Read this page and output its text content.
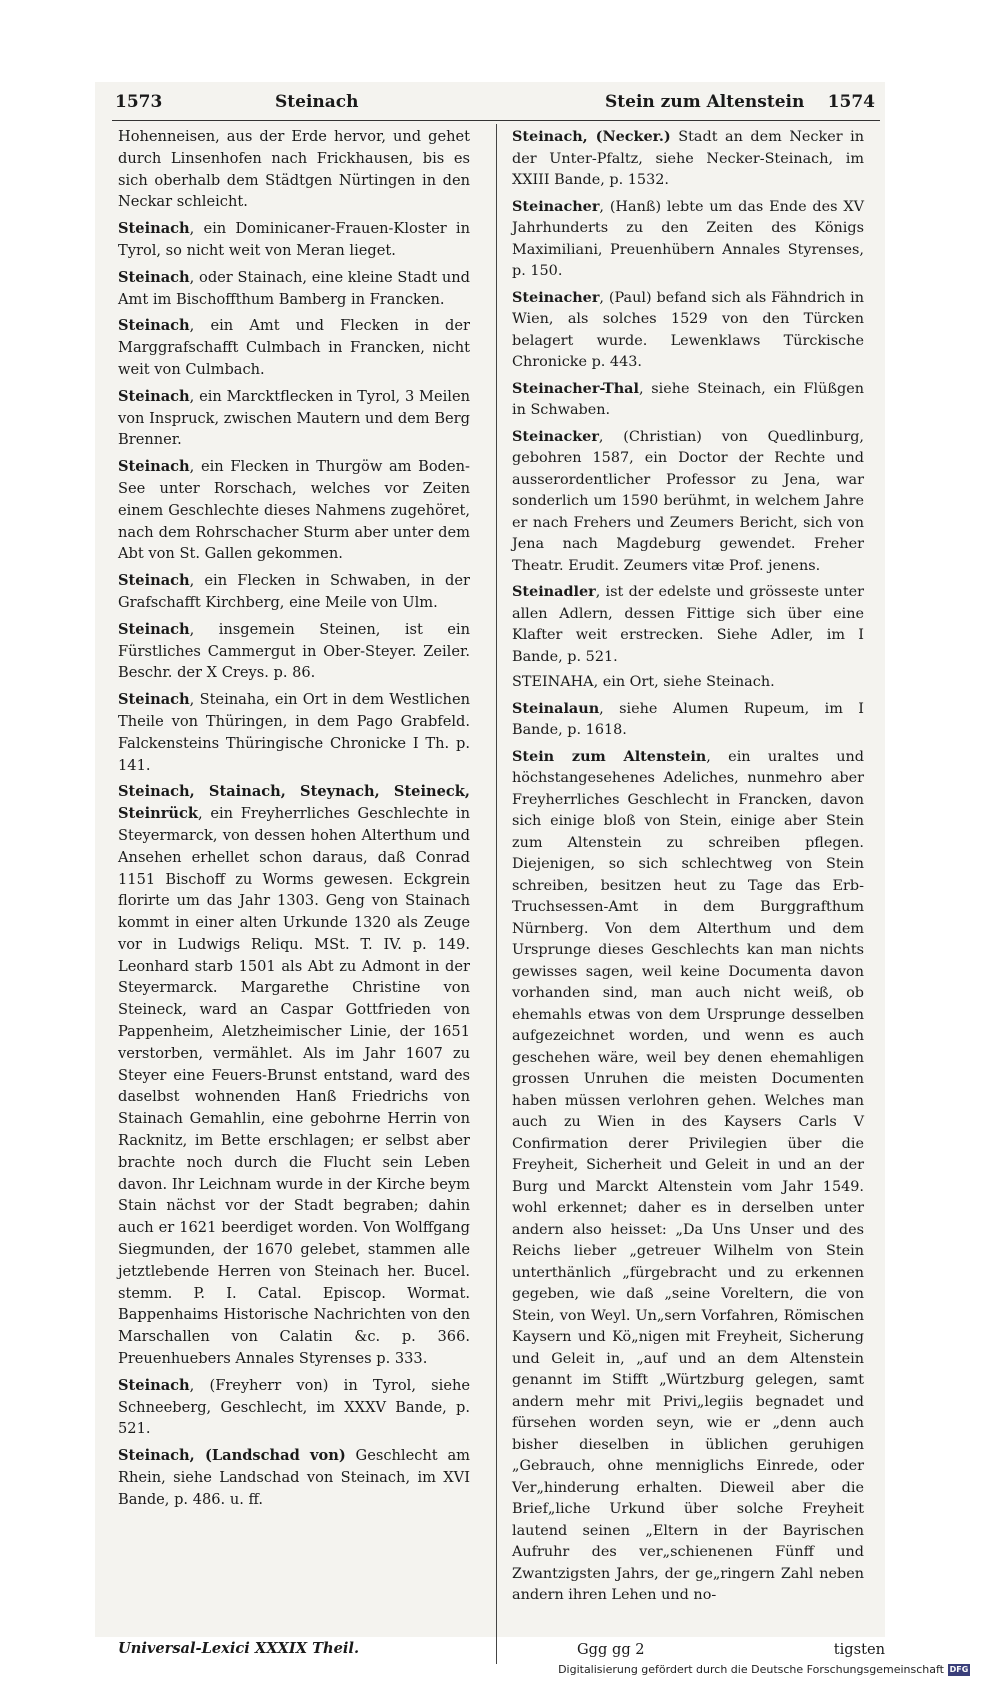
1573	Steinach	Stein zum Altenstein 1574

Hohenneisen, aus der Erde hervor, und gehet durch Linsenhofen nach Frickhausen, bis es sich oberhalb dem Städtgen Nürtingen in den Neckar schleicht.

Steinach, ein Dominicaner-Frauen-Kloster in Tyrol, so nicht weit von Meran lieget.

Steinach, oder Stainach, eine kleine Stadt und Amt im Bischoffthum Bamberg in Francken.

Steinach, ein Amt und Flecken in der Marggrafschafft Culmbach in Francken, nicht weit von Culmbach.

Steinach, ein Marcktflecken in Tyrol, 3 Meilen von Inspruck, zwischen Mautern und dem Berg Brenner.

Steinach, ein Flecken in Thurgöw am Boden-See unter Rorschach, welches vor Zeiten einem Geschlechte dieses Nahmens zugehöret, nach dem Rohrschacher Sturm aber unter dem Abt von St. Gallen gekommen.

Steinach, ein Flecken in Schwaben, in der Grafschafft Kirchberg, eine Meile von Ulm.

Steinach, insgemein Steinen, ist ein Fürstliches Cammergut in Ober-Steyer. Zeiler. Beschr. der X Creys. p. 86.

Steinach, Steinaha, ein Ort in dem Westlichen Theile von Thüringen, in dem Pago Grabfeld. Falckensteins Thüringische Chronicke I Th. p. 141.

Steinach, Stainach, Steynach, Steineck, Steinrück, ein Freyherrliches Geschlechte in Steyermarck, von dessen hohen Alterthum und Ansehen erhellet schon daraus, daß Conrad 1151 Bischoff zu Worms gewesen. Eckgrein florirte um das Jahr 1303. Geng von Stainach kommt in einer alten Urkunde 1320 als Zeuge vor in Ludwigs Reliqu. MSt. T. IV. p. 149. Leonhard starb 1501 als Abt zu Admont in der Steyermarck. Margarethe Christine von Steineck, ward an Caspar Gottfrieden von Pappenheim, Aletzheimischer Linie, der 1651 verstorben, vermählet. Als im Jahr 1607 zu Steyer eine Feuers-Brunst entstand, ward des daselbst wohnenden Hanß Friedrichs von Stainach Gemahlin, eine gebohrne Herrin von Racknitz, im Bette erschlagen; er selbst aber brachte noch durch die Flucht sein Leben davon. Ihr Leichnam wurde in der Kirche beym Stain nächst vor der Stadt begraben; dahin auch er 1621 beerdiget worden. Von Wolffgang Siegmunden, der 1670 gelebet, stammen alle jetztlebende Herren von Steinach her. Bucel. stemm. P. I. Catal. Episcop. Wormat. Bappenhaims Historische Nachrichten von den Marschallen von Calatin &c. p. 366. Preuenhuebers Annales Styrenses p. 333.

Steinach, (Freyherr von) in Tyrol, siehe Schneeberg, Geschlecht, im XXXV Bande, p. 521.

Steinach, (Landschad von) Geschlecht am Rhein, siehe Landschad von Steinach, im XVI Bande, p. 486. u. ff.

Steinach, (Necker.) Stadt an dem Necker in der Unter-Pfaltz, siehe Necker-Steinach, im XXIII Bande, p. 1532.

Steinacher, (Hanß) lebte um das Ende des XV Jahrhunderts zu den Zeiten des Königs Maximiliani, Preuenhübern Annales Styrenses, p. 150.

Steinacher, (Paul) befand sich als Fähndrich in Wien, als solches 1529 von den Türcken belagert wurde. Lewenklaws Türckische Chronicke p. 443.

Steinacher-Thal, siehe Steinach, ein Flüßgen in Schwaben.

Steinacker, (Christian) von Quedlinburg, gebohren 1587, ein Doctor der Rechte und ausserordentlicher Professor zu Jena, war sonderlich um 1590 berühmt, in welchem Jahre er nach Frehers und Zeumers Bericht, sich von Jena nach Magdeburg gewendet. Freher Theatr. Erudit. Zeumers vitæ Prof. jenens.

Steinadler, ist der edelste und grösseste unter allen Adlern, dessen Fittige sich über eine Klafter weit erstrecken. Siehe Adler, im I Bande, p. 521.

STEINAHA, ein Ort, siehe Steinach.

Steinalaun, siehe Alumen Rupeum, im I Bande, p. 1618.

Stein zum Altenstein, ein uraltes und höchstangesehenes Adeliches, nunmehro aber Freyherrliches Geschlecht in Francken, davon sich einige bloß von Stein, einige aber Stein zum Altenstein zu schreiben pflegen. Diejenigen, so sich schlechtweg von Stein schreiben, besitzen heut zu Tage das Erb-Truchsessen-Amt in dem Burggrafthum Nürnberg. Von dem Alterthum und dem Ursprunge dieses Geschlechts kan man nichts gewisses sagen, weil keine Documenta davon vorhanden sind, man auch nicht weiß, ob ehemahls etwas von dem Ursprunge desselben aufgezeichnet worden, und wenn es auch geschehen wäre, weil bey denen ehemahligen grossen Unruhen die meisten Documenten haben müssen verlohren gehen. Welches man auch zu Wien in des Kaysers Carls V Confirmation derer Privilegien über die Freyheit, Sicherheit und Geleit in und an der Burg und Marckt Altenstein vom Jahr 1549. wohl erkennet; daher es in derselben unter andern also heisset: „Da Uns Unser und des Reichs lieber „getreuer Wilhelm von Stein unterthänlich „fürgebracht und zu erkennen gegeben, wie daß „seine Voreltern, die von Stein, von Weyl. Un„sern Vorfahren, Römischen Kaysern und Kö„nigen mit Freyheit, Sicherung und Geleit in, „auf und an dem Altenstein genannt im Stifft „Würtzburg gelegen, samt andern mehr mit Privi„legiis begnadet und fürsehen worden seyn, wie er „denn auch bisher dieselben in üblichen geruhigen „Gebrauch, ohne menniglichs Einrede, oder Ver„hinderung erhalten. Dieweil aber die Brief„liche Urkund über solche Freyheit lautend seinen „Eltern in der Bayrischen Aufruhr des ver„schienenen Fünff und Zwantzigsten Jahrs, der ge„ringern Zahl neben andern ihren Lehen und no-

Universal-Lexici XXXIX Theil.	Ggg gg 2	tigsten
Digitalisierung gefördert durch die Deutsche Forschungsgemeinschaft DFG
